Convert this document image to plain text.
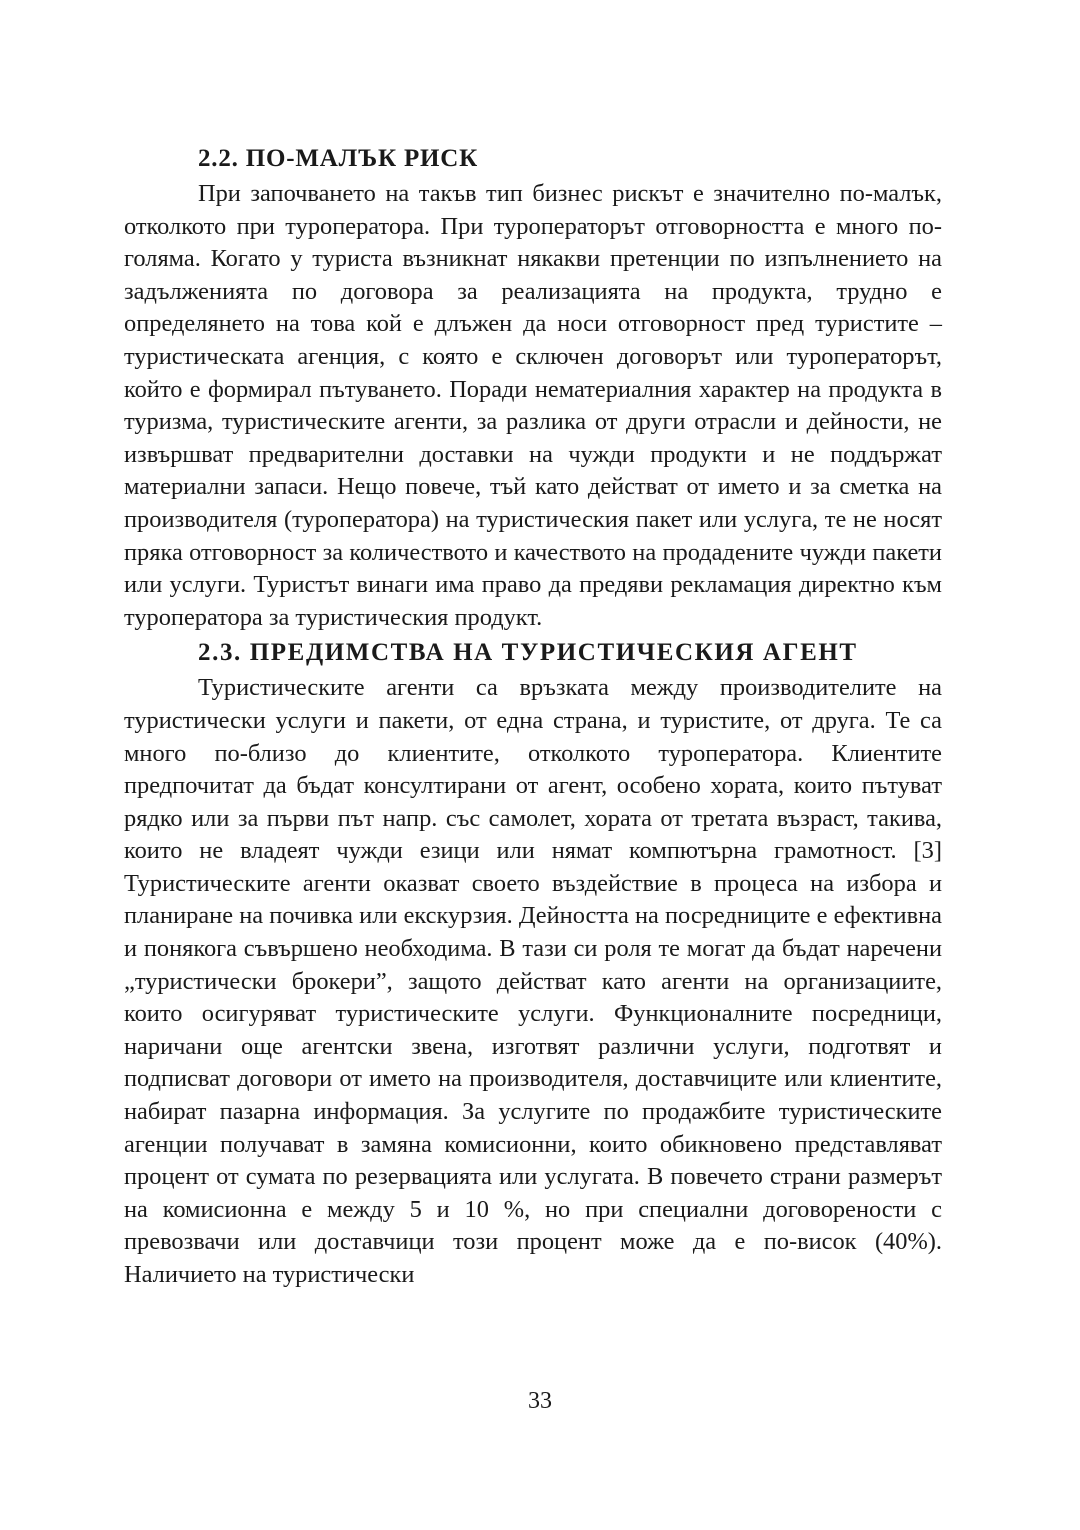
2.2. ПО-МАЛЪК РИСК

При започването на такъв тип бизнес рискът е значително по-малък, отколкото при туроператора. При туроператорът отговорността е много по-голяма. Когато у туриста възникнат някакви претенции по изпълнението на задълженията по договора за реализацията на продукта, трудно е определянето на това кой е длъжен да носи отговорност пред туристите – туристическата агенция, с която е сключен договорът или туроператорът, който е формирал пътуването. Поради нематериалния характер на продукта в туризма, туристическите агенти, за разлика от други отрасли и дейности, не извършват предварителни доставки на чужди продукти и не поддържат материални запаси. Нещо повече, тъй като действат от името и за сметка на производителя (туроператора) на туристическия пакет или услуга, те не носят пряка отговорност за количеството и качеството на продадените чужди пакети или услуги. Туристът винаги има право да предяви рекламация директно към туроператора за туристическия продукт.

2.3. ПРЕДИМСТВА НА ТУРИСТИЧЕСКИЯ АГЕНТ

Туристическите агенти са връзката между производителите на туристически услуги и пакети, от една страна, и туристите, от друга. Те са много по-близо до клиентите, отколкото туроператора. Клиентите предпочитат да бъдат консултирани от агент, особено хората, които пътуват рядко или за първи път напр. със самолет, хората от третата възраст, такива, които не владеят чужди езици или нямат компютърна грамотност. [3] Туристическите агенти оказват своето въздействие в процеса на избора и планиране на почивка или екскурзия. Дейността на посредниците е ефективна и понякога съвършено необходима. В тази си роля те могат да бъдат наречени „туристически брокери”, защото действат като агенти на организациите, които осигуряват туристическите услуги. Функционалните посредници, наричани още агентски звена, изготвят различни услуги, подготвят и подписват договори от името на производителя, доставчиците или клиентите, набират пазарна информация. За услугите по продажбите туристическите агенции получават в замяна комисионни, които обикновено представляват процент от сумата по резервацията или услугата. В повечето страни размерът на комисионна е между 5 и 10 %, но при специални договорености с превозвачи или доставчици този процент може да е по-висок (40%). Наличието на туристически

33
